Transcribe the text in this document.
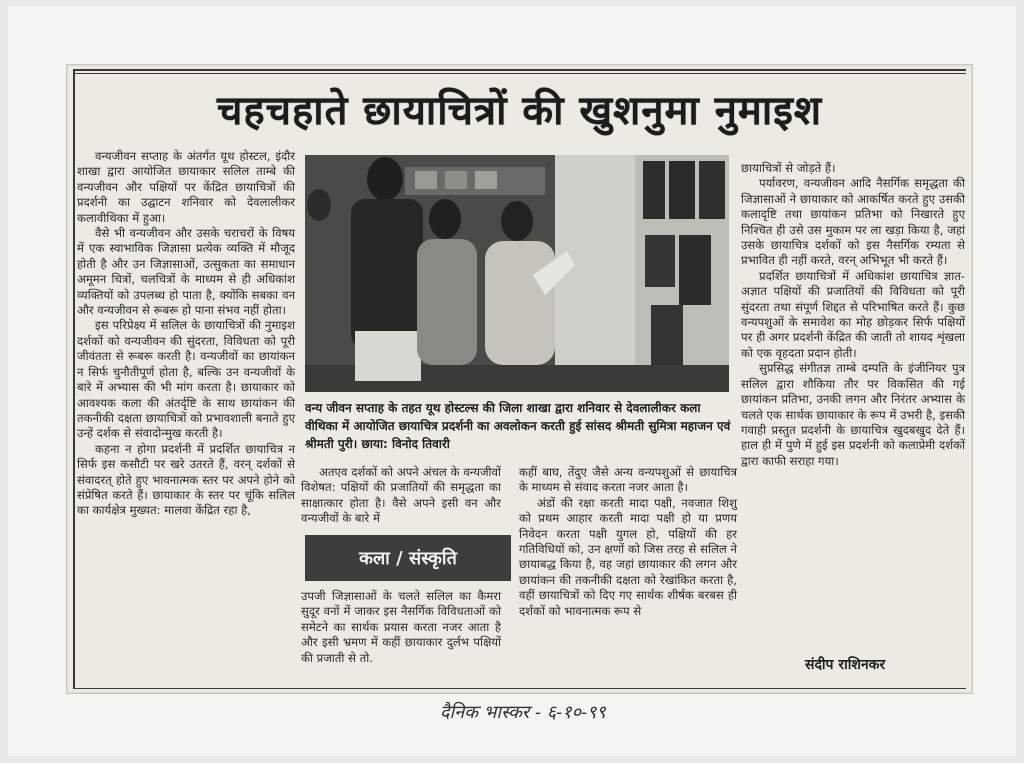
चहचहाते छायाचित्रों की खुशनुमा नुमाइश

वन्यजीवन सप्ताह के अंतर्गत यूथ होस्टल, इंदौर शाखा द्वारा आयोजित छायाकार सलिल ताम्बे की वन्यजीवन और पक्षियों पर केंद्रित छायाचित्रों की प्रदर्शनी का उद्घाटन शनिवार को देवलालीकर कलावीथिका में हुआ।

वैसे भी वन्यजीवन और उसके चराचरों के विषय में एक स्वाभाविक जिज्ञासा प्रत्येक व्यक्ति में मौजूद होती है और उन जिज्ञासाओं, उत्सुकता का समाधान अमूमन चित्रों, चलचित्रों के माध्यम से ही अधिकांश व्यक्तियों को उपलब्ध हो पाता है, क्योंकि सबका वन और वन्यजीवन से रूबरू हो पाना संभव नहीं होता।

इस परिप्रेक्ष्य में सलिल के छायाचित्रों की नुमाइश दर्शकों को वन्यजीवन की सुंदरता, विविधता को पूरी जीवंतता से रूबरू करती है। वन्यजीवों का छायांकन न सिर्फ चुनौतीपूर्ण होता है, बल्कि उन वन्यजीवों के बारे में अभ्यास की भी मांग करता है। छायाकार को आवश्यक कला की अंतर्दृष्टि के साथ छायांकन की तकनीकी दक्षता छायाचित्रों को प्रभावशाली बनाते हुए उन्हें दर्शक से संवादोन्मुख करती है।

कहना न होगा प्रदर्शनी में प्रदर्शित छायाचित्र न सिर्फ इस कसौटी पर खरे उतरते हैं, वरन् दर्शकों से संवादरत् होते हुए भावनात्मक स्तर पर अपने होने को संप्रेषित करते हैं। छायाकार के स्तर पर चूंकि सलिल का कार्यक्षेत्र मुख्यत: मालवा केंद्रित रहा है,

वन्य जीवन सप्ताह के तहत यूथ होस्टल्स की जिला शाखा द्वारा शनिवार से देवलालीकर कला वीथिका में आयोजित छायाचित्र प्रदर्शनी का अवलोकन करती हुई सांसद श्रीमती सुमित्रा महाजन एवं श्रीमती पुरी। छाया: विनोद तिवारी

अतएव दर्शकों को अपने अंचल के वन्यजीवों विशेषत: पक्षियों की प्रजातियों की समृद्धता का साक्षात्कार होता है। वैसे अपने इसी वन और वन्यजीवों के बारे में

उपजी जिज्ञासाओं के चलते सलिल का कैमरा सुदूर वनों में जाकर इस नैसर्गिक विविधताओं को समेटने का सार्थक प्रयास करता नजर आता है और इसी भ्रमण में कहीं छायाकार दुर्लभ पक्षियों की प्रजाती से तो.

कला / संस्कृति

कहीं बाघ, तेंदुए जैसे अन्य वन्यपशुओं से छायाचित्र के माध्यम से संवाद करता नजर आता है।

अंडों की रक्षा करती मादा पक्षी, नवजात शिशु को प्रथम आहार करती मादा पक्षी हो या प्रणय निवेदन करता पक्षी युगल हो, पक्षियों की हर गतिविधियों को, उन क्षणों को जिस तरह से सलिल ने छायाबद्ध किया है, वह जहां छायाकार की लगन और छायांकन की तकनीकी दक्षता को रेखांकित करता है, वहीं छायाचित्रों को दिए गए सार्थक शीर्षक बरबस ही दर्शकों को भावनात्मक रूप से

छायाचित्रों से जोड़ते हैं।

पर्यावरण, वन्यजीवन आदि नैसर्गिक समृद्धता की जिज्ञासाओं ने छायाकार को आकर्षित करते हुए उसकी कलादृष्टि तथा छायांकन प्रतिभा को निखारते हुए निश्चित ही उसे उस मुकाम पर ला खड़ा किया है, जहां उसके छायाचित्र दर्शकों को इस नैसर्गिक रम्यता से प्रभावित ही नहीं करते, वरन् अभिभूत भी करते हैं।

प्रदर्शित छायाचित्रों में अधिकांश छायाचित्र ज्ञात-अज्ञात पक्षियों की प्रजातियों की विविधता को पूरी सुंदरता तथा संपूर्ण शिद्दत से परिभाषित करते हैं। कुछ वन्यपशुओं के समावेश का मोह छोड़कर सिर्फ पक्षियों पर ही अगर प्रदर्शनी केंद्रित की जाती तो शायद शृंखला को एक वृहदता प्रदान होती।

सुप्रसिद्ध संगीतज्ञ ताम्बे दम्पति के इंजीनियर पुत्र सलिल द्वारा शौकिया तौर पर विकसित की गई छायांकन प्रतिभा, उनकी लगन और निरंतर अभ्यास के चलते एक सार्थक छायाकार के रूप में उभरी है, इसकी गवाही प्रस्तुत प्रदर्शनी के छायाचित्र खुदबखुद देते हैं। हाल ही में पुणे में हुई इस प्रदर्शनी को कलाप्रेमी दर्शकों द्वारा काफी सराहा गया।

संदीप राशिनकर
दैनिक भास्कर - ६-१०-९९
